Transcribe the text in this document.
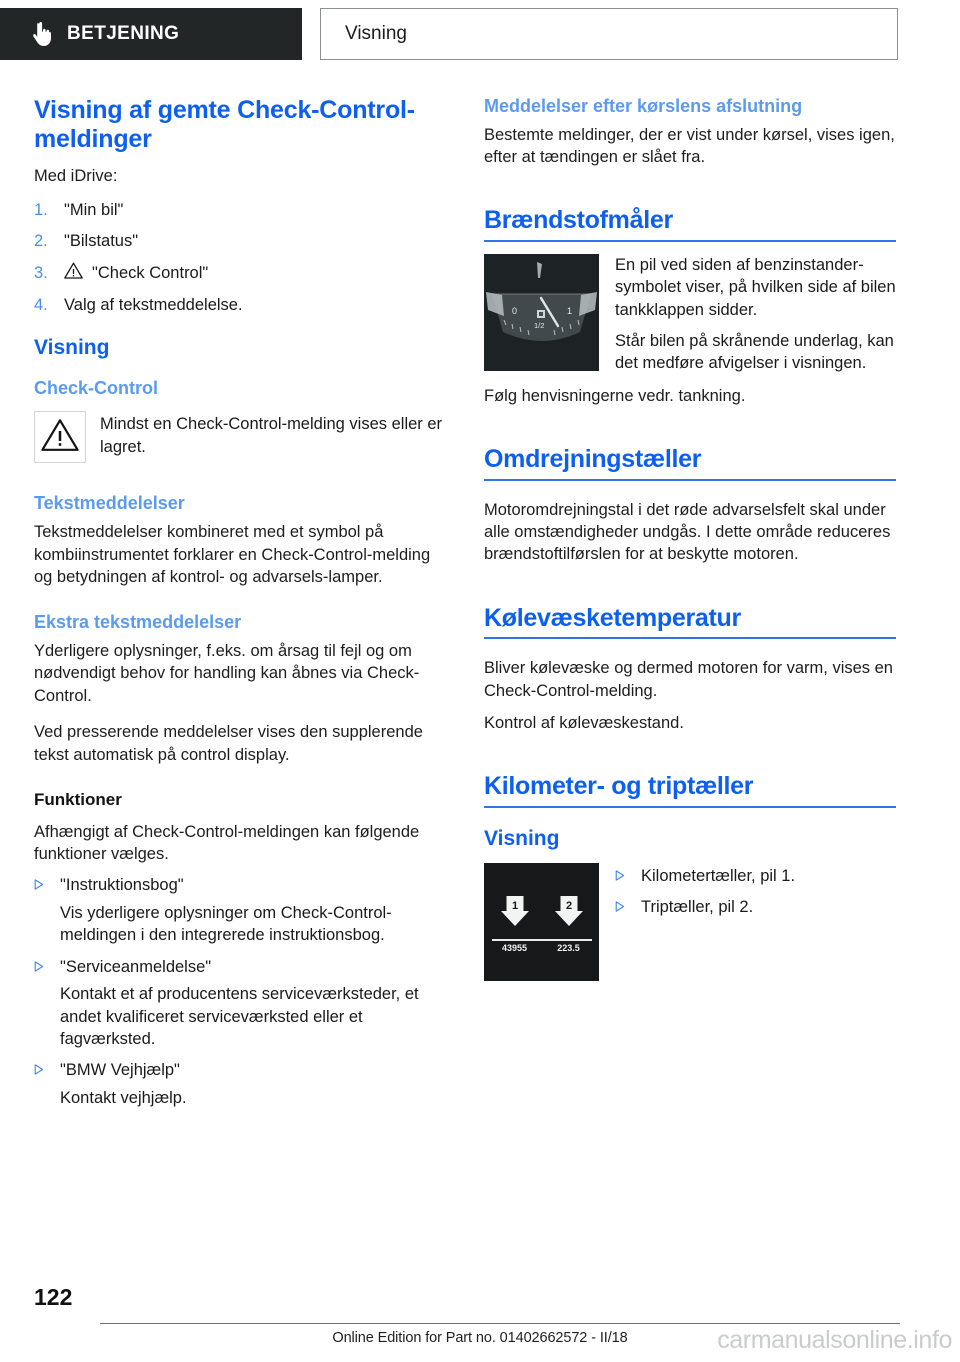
BETJENING	Visning
Visning af gemte Check-Control-meldinger

Med iDrive:

1. "Min bil"
2. "Bilstatus"
3.	"Check Control"
4. Valg af tekstmeddelelse.
Visning
Check-Control
Mindst en Check-Control-melding vises eller er lagret.
Tekstmeddelelser

Tekstmeddelelser kombineret med et symbol på kombiinstrumentet forklarer en Check-Control-melding og betydningen af kontrol- og advarsels-lamper.

Ekstra tekstmeddelelser

Yderligere oplysninger, f.eks. om årsag til fejl og om nødvendigt behov for handling kan åbnes via Check-Control.

Ved presserende meddelelser vises den supplerende tekst automatisk på control display.

Funktioner

Afhængigt af Check-Control-meldingen kan følgende funktioner vælges.

"Instruktionsbog"
Vis yderligere oplysninger om Check-Control-meldingen i den integrerede instruktionsbog.
"Serviceanmeldelse"
Kontakt et af producentens serviceværksteder, et andet kvalificeret serviceværksted eller et fagværksted.
"BMW Vejhjælp"
Kontakt vejhjælp.
Meddelelser efter kørslens afslutning

Bestemte meldinger, der er vist under kørsel, vises igen, efter at tændingen er slået fra.

Brændstofmåler
0
1/2
1

En pil ved siden af benzinstander-symbolet viser, på hvilken side af bilen tankklappen sidder.

Står bilen på skrånende underlag, kan det medføre afvigelser i visningen.

Følg henvisningerne vedr. tankning.

Omdrejningstæller

Motoromdrejningstal i det røde advarselsfelt skal under alle omstændigheder undgås. I dette område reduceres brændstoftilførslen for at beskytte motoren.

Kølevæsketemperatur

Bliver kølevæske og dermed motoren for varm, vises en Check-Control-melding.

Kontrol af kølevæskestand.

Kilometer- og triptæller
Visning
1	2
43955	223.5
Kilometertæller, pil 1.
Triptæller, pil 2.
122
Online Edition for Part no. 01402662572 - II/18	carmanualsonline.info
